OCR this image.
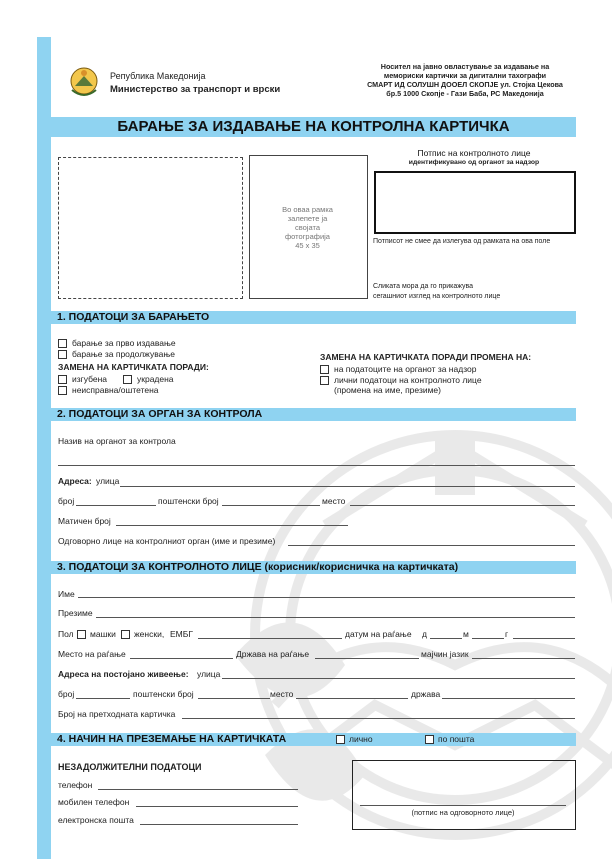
Република Македонија
Министерство за транспорт и врски
Носител на јавно овластување за издавање на
мемориски картички за дигитални тахографи
СМАРТ ИД СОЛУШН ДООЕЛ СКОПЈЕ ул. Стојка Цекова
бр.5 1000 Скопје - Гази Баба, РС Македонија
БАРАЊЕ ЗА ИЗДАВАЊЕ НА КОНТРОЛНА КАРТИЧКА
Во оваа рамка
залепете ја
својата
фотографија
45 х 35
Потпис на контролното лице
идентификувано од органот за надзор
Потписот не смее да излегува од рамката на ова поле
Сликата мора да го прикажува
сегашниот изглед на контролното лице
1. ПОДАТОЦИ ЗА БАРАЊЕТО
барање за прво издавање
барање за продолжување
ЗАМЕНА НА КАРТИЧКАТА ПОРАДИ:
изгубена	украдена
неисправна/оштетена
ЗАМЕНА НА КАРТИЧКАТА ПОРАДИ ПРОМЕНА НА:
на податоците на органот за надзор
лични податоци на контролното лице
(промена на име, презиме)
2. ПОДАТОЦИ ЗА ОРГАН ЗА КОНТРОЛА
Назив на органот за контрола
Адреса: улица
број	поштенски број	место
Матичен број
Одговорно лице на контролниот орган (име и презиме)
3. ПОДАТОЦИ ЗА КОНТРОЛНОТО ЛИЦЕ (корисник/корисничка на картичката)
Име
Презиме
Пол машки женски, ЕМБГ	датум на раѓање д	м	г
Место на раѓање	Држава на раѓање	мајчин јазик
Адреса на постојано живеење: улица
број	поштенски број	место	држава
Број на претходната картичка
4. НАЧИН НА ПРЕЗЕМАЊЕ НА КАРТИЧКАТА	лично	по пошта
НЕЗАДОЛЖИТЕЛНИ ПОДАТОЦИ
телефон
мобилен телефон
електронска пошта
(потпис на одговорното лице)
